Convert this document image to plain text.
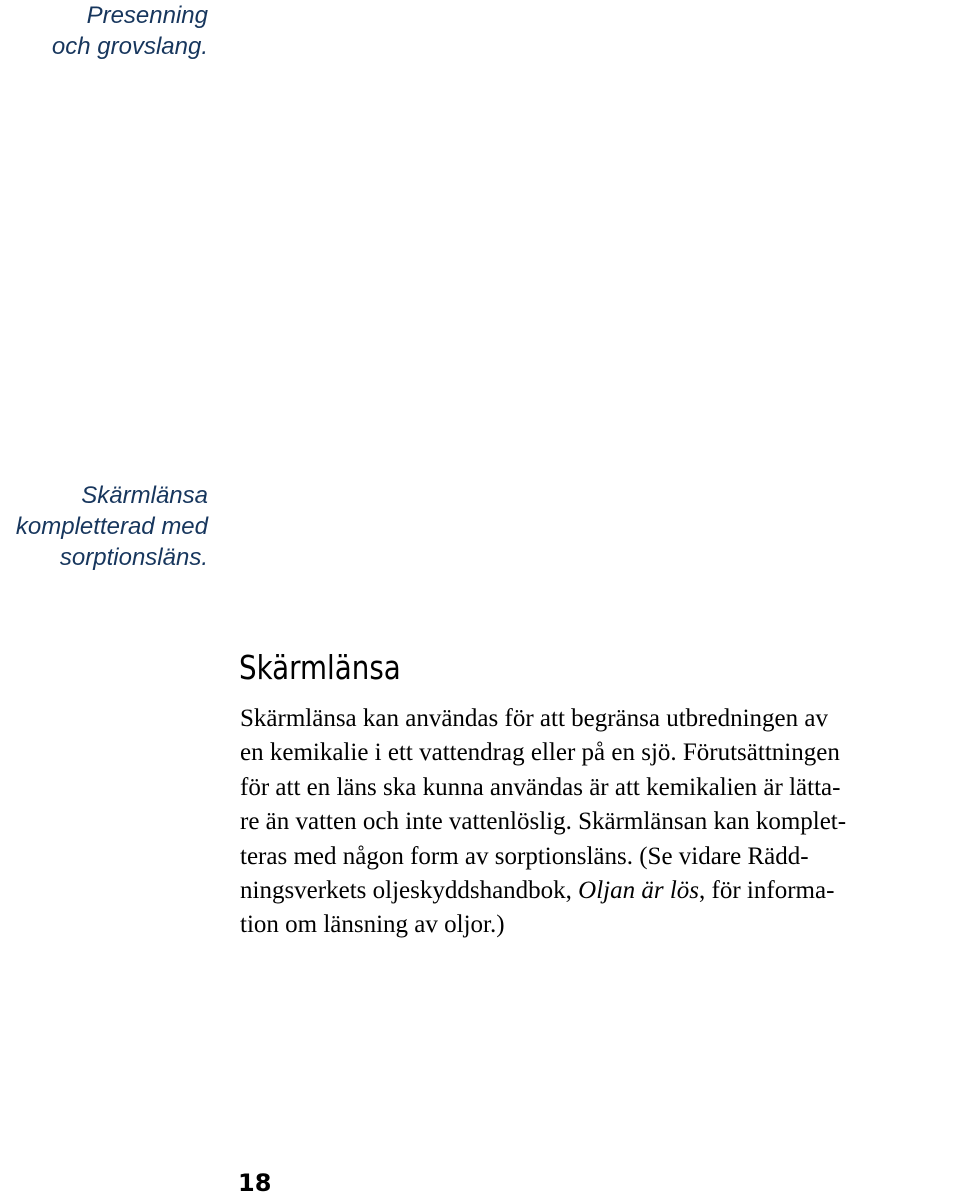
Presenning
och grovslang.
Skärmlänsa
kompletterad med
sorptionsläns.
Skärmlänsa
Skärmlänsa kan användas för att begränsa utbredningen av
en kemikalie i ett vattendrag eller på en sjö. Förutsättningen
för att en läns ska kunna användas är att kemikalien är lätta-
re än vatten och inte vattenlöslig. Skärmlänsan kan komplet-
teras med någon form av sorptionsläns. (Se vidare Rädd-
ningsverkets oljeskyddshandbok, Oljan är lös, för informa-
tion om länsning av oljor.)
18
